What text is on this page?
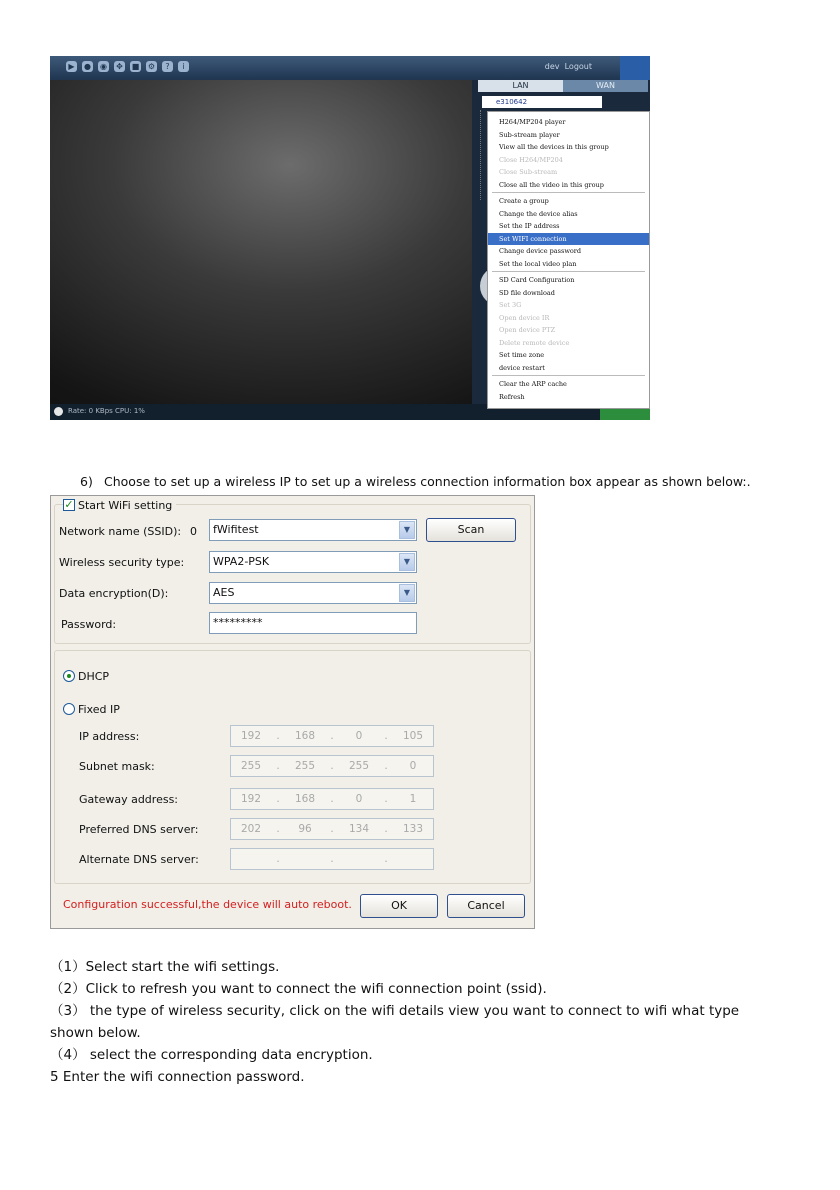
▶	● ◉ ✥ ■ ⚙	?	i	dev Logout
LAN	WAN
e310642
Rate: 0 KBps CPU: 1%
H264/MP204 player
Sub-stream player
View all the devices in this group
Close H264/MP204
Close Sub-stream
Close all the video in this group
Create a group
Change the device alias
Set the IP address
Set WIFI connection
Change device password
Set the local video plan
SD Card Configuration
SD file download
Set 3G
Open device IR
Open device PTZ
Delete remote device
Set time zone
device restart
Clear the ARP cache
Refresh
6) Choose to set up a wireless IP to set up a wireless connection information box appear as shown below:.
✓ Start WiFi setting
Network name (SSID): 0	fWifitest	▼	Scan
Wireless security type:	WPA2-PSK	▼
Data encryption(D):	AES	▼
Password:	*********
DHCP
Fixed IP
IP address:	192	.	168	.	0	.	105
Subnet mask:	255	.	255	.	255	.	0
Gateway address:	192	.	168	.	0	.	1
Preferred DNS server:	202	.	96	.	134	.	133
Alternate DNS server:	.	.	.
Configuration successful,the device will auto reboot.	OK	Cancel

（1）Select start the wifi settings.

（2）Click to refresh you want to connect the wifi connection point (ssid).

（3） the type of wireless security, click on the wifi details view you want to connect to wifi what type shown below.

（4） select the corresponding data encryption.

5 Enter the wifi connection password.
